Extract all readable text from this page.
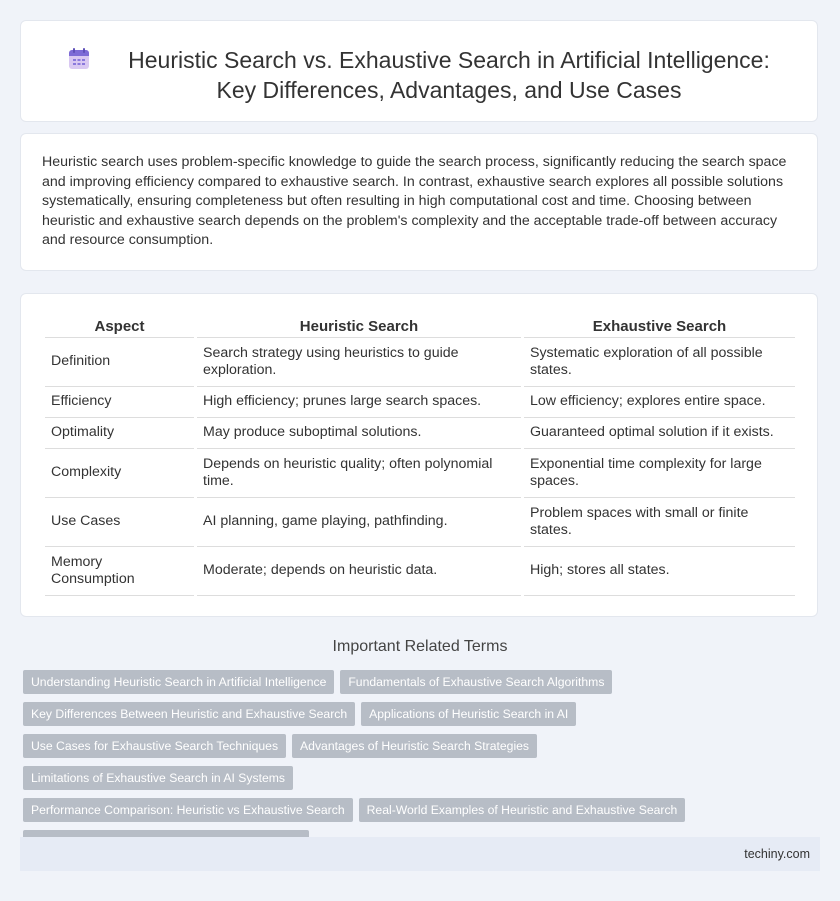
Heuristic Search vs. Exhaustive Search in Artificial Intelligence:
Key Differences, Advantages, and Use Cases

Heuristic search uses problem-specific knowledge to guide the search process, significantly reducing the search space and improving efficiency compared to exhaustive search. In contrast, exhaustive search explores all possible solutions systematically, ensuring completeness but often resulting in high computational cost and time. Choosing between heuristic and exhaustive search depends on the problem's complexity and the acceptable trade-off between accuracy and resource consumption.

Aspect	Heuristic Search	Exhaustive Search
Definition	Search strategy using heuristics to guide exploration.	Systematic exploration of all possible states.
Efficiency	High efficiency; prunes large search spaces.	Low efficiency; explores entire space.
Optimality	May produce suboptimal solutions.	Guaranteed optimal solution if it exists.
Complexity	Depends on heuristic quality; often polynomial time.	Exponential time complexity for large spaces.
Use Cases	AI planning, game playing, pathfinding.	Problem spaces with small or finite states.
Memory Consumption	Moderate; depends on heuristic data.	High; stores all states.
Important Related Terms
Understanding Heuristic Search in Artificial Intelligence Fundamentals of Exhaustive Search Algorithms
Key Differences Between Heuristic and Exhaustive Search Applications of Heuristic Search in AI
Use Cases for Exhaustive Search Techniques Advantages of Heuristic Search StrategiesLimitations of Exhaustive Search in AI Systems
Performance Comparison: Heuristic vs Exhaustive Search Real-World Examples of Heuristic and Exhaustive Search

techiny.com
